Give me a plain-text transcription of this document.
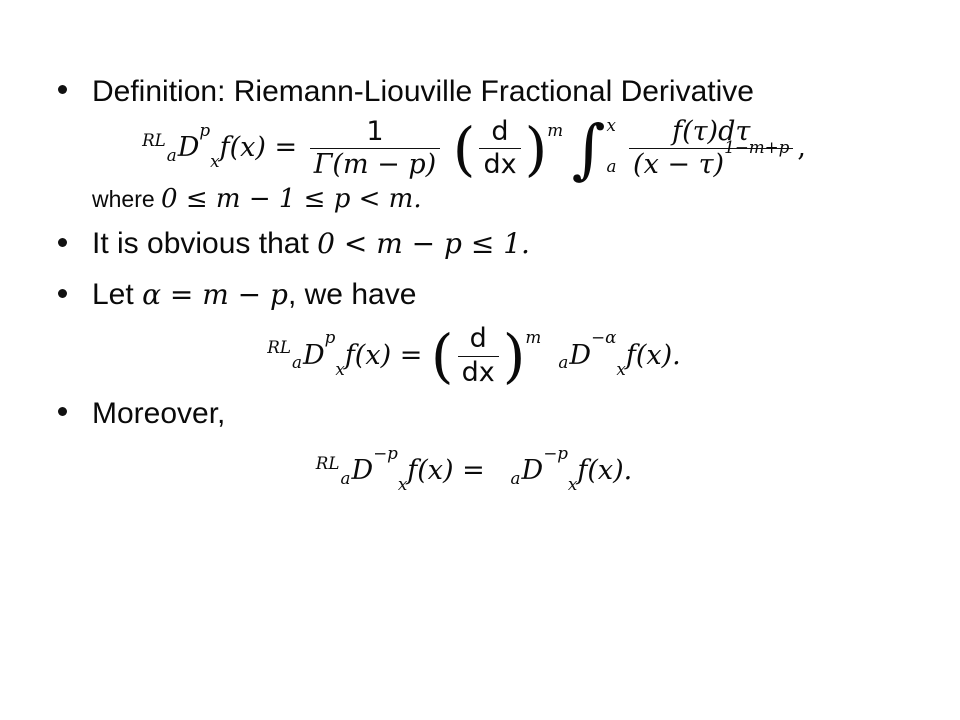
Definition: Riemann-Liouville Fractional Derivative
RLaD$^p_x$f(x) = $\frac{1}{\Gamma(m - p)}$ ( $\frac{d}{dx} )^m$ ∫ x
a
$\frac{f(\tau)d\tau}{(x - \tau)^{1-m+p}}$ ,
where 0 ≤ m − 1 ≤ p < m.
It is obvious that 0 < m − p ≤ 1.
Let α = m − p, we have
RLaD$^p_x$f(x) = ( $\frac{d}{dx} )^m$  $aD^{-\alpha}_xf(x)$.
Moreover,
RLaD$^{-p}_x$f(x) = $aD^{-p}_xf(x)$.
